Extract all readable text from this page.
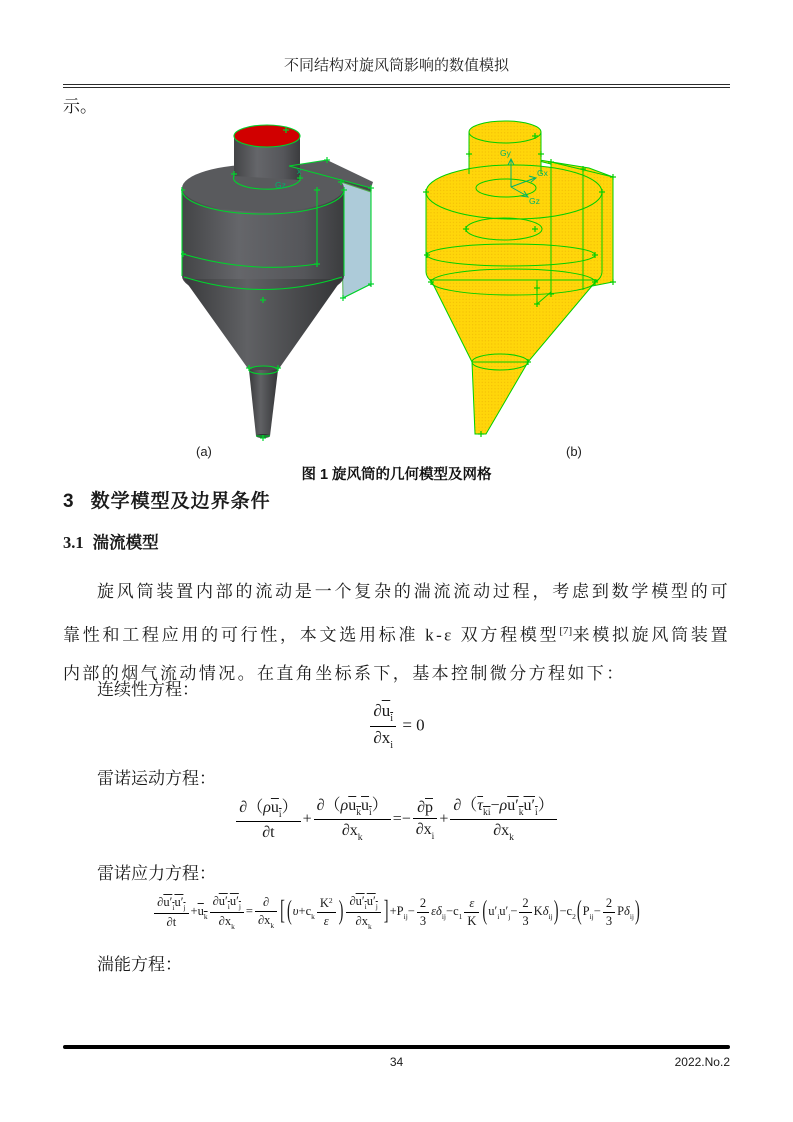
不同结构对旋风筒影响的数值模拟
示。
x
Gz
Gy
Gx
Gz
(a)	(b)
图 1 旋风筒的几何模型及网格
3 数学模型及边界条件
3.1 湍流模型

旋风筒装置内部的流动是一个复杂的湍流流动过程，考虑到数学模型的可靠性和工程应用的可行性，本文选用标准 k-ε 双方程模型[7]来模拟旋风筒装置内部的烟气流动情况。在直角坐标系下，基本控制微分方程如下：

连续性方程：
$\frac{\partial u_i}{\partial x_i} = 0$
雷诺运动方程：
$\frac{\partial(\rho u_i)}{\partial t} + \frac{\partial(\rho u_ku_i)}{\partial x_k} =- \frac{\partial\overline{p}}{\partial x_i} + \frac{\partial(\tau_{ki}-\rho u'_ku'_i)}{\partial x_k}$
雷诺应力方程：
$\frac{\partial u'_iu'_j}{\partial t} +u_k \frac{\partial u'_iu'_j}{\partial x_k} = \frac{\partial}{\partial x_k}$ [ ($\upsilon+c_k \frac{K^2}{\varepsilon}$ ) $\frac{\partial u'_iu'_j}{\partial x_k} ]+P_{ij}- \frac{2}{3} \varepsilon\delta_{ij}-c_1 \frac{\varepsilon}{K} (u'_iu'_j- \frac{2}{3} K\delta_{ij})-c_2(P_{ij}- \frac{2}{3} P\delta_{ij})$
湍能方程：
34	2022.No.2
